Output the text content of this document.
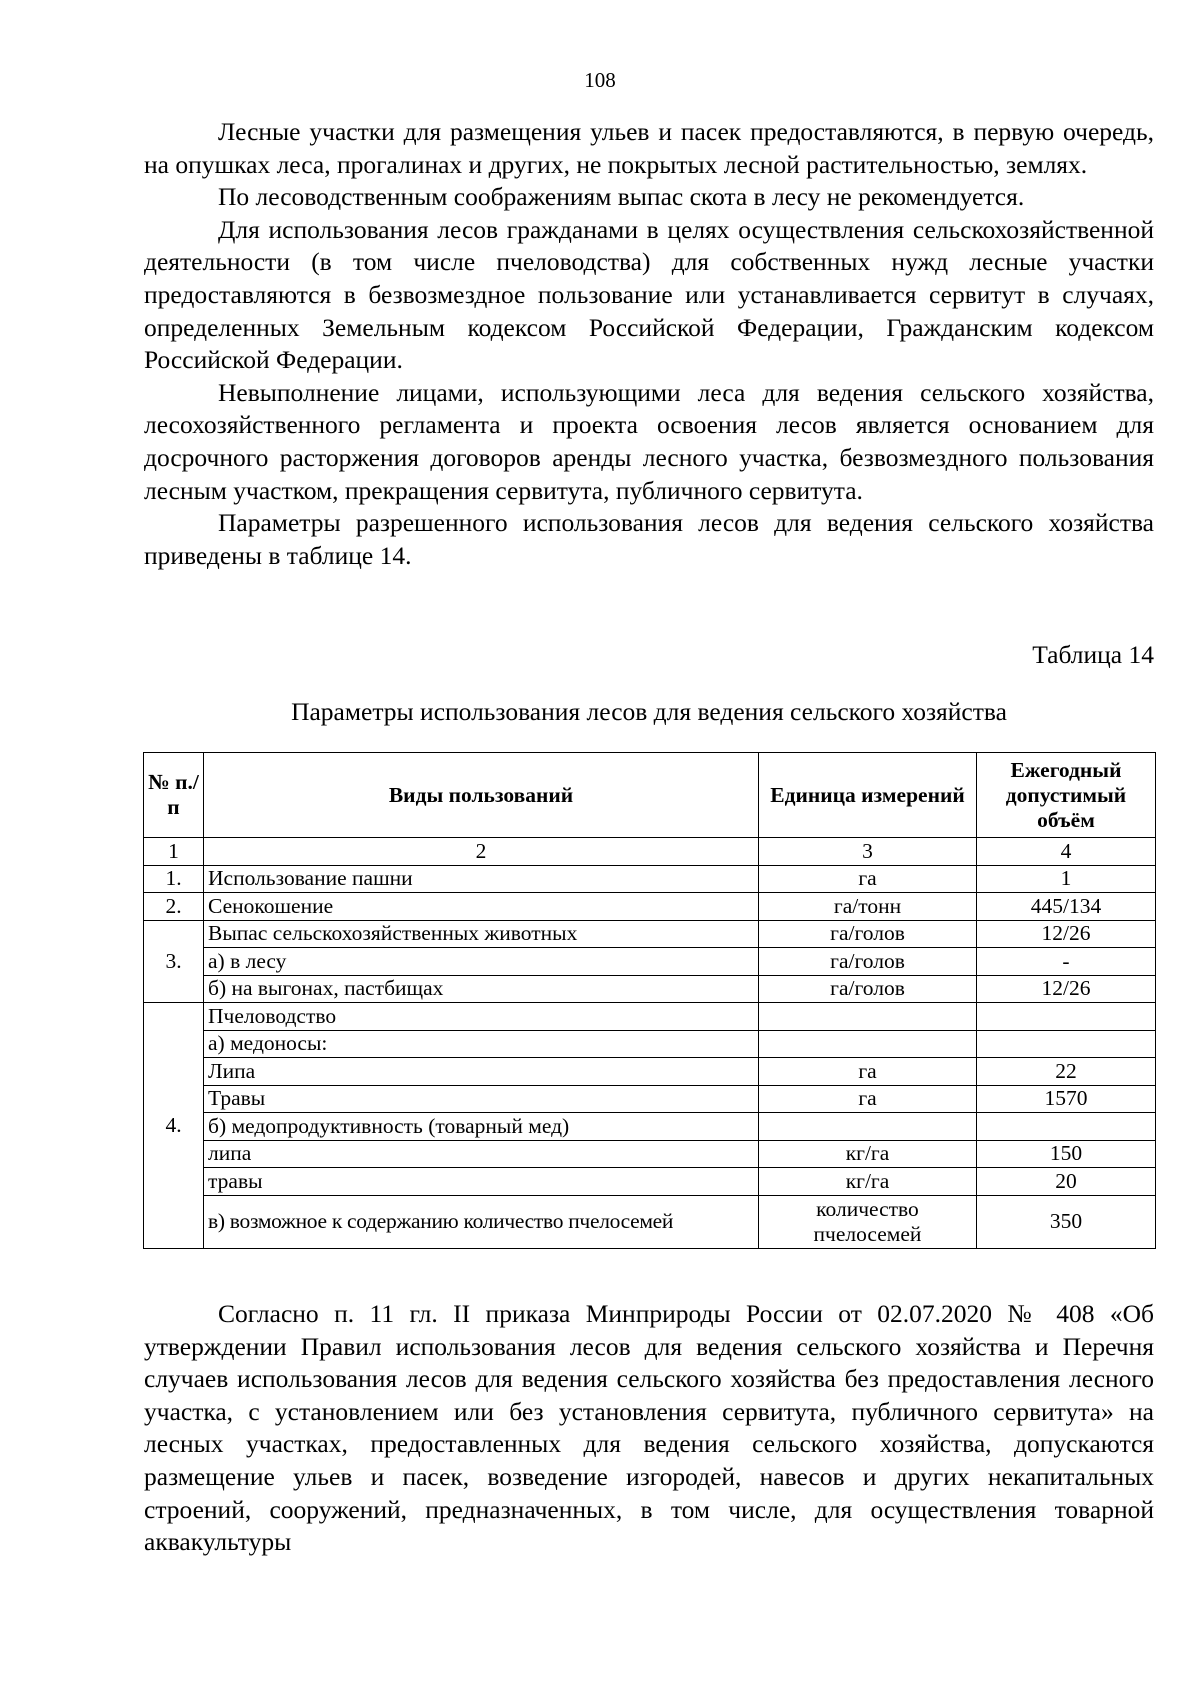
108

Лесные участки для размещения ульев и пасек предоставляются, в первую очередь, на опушках леса, прогалинах и других, не покрытых лесной растительностью, землях.

По лесоводственным соображениям выпас скота в лесу не рекомендуется.

Для использования лесов гражданами в целях осуществления сельскохозяйственной деятельности (в том числе пчеловодства) для собственных нужд лесные участки предоставляются в безвозмездное пользование или устанавливается сервитут в случаях, определенных Земельным кодексом Российской Федерации, Гражданским кодексом Российской Федерации.

Невыполнение лицами, использующими леса для ведения сельского хозяйства, лесохозяйственного регламента и проекта освоения лесов является основанием для досрочного расторжения договоров аренды лесного участка, безвозмездного пользования лесным участком, прекращения сервитута, публичного сервитута.

Параметры разрешенного использования лесов для ведения сельского хозяйства приведены в таблице 14.

Таблица 14
Параметры использования лесов для ведения сельского хозяйства
№ п./п	Виды пользований	Единица измерений	Ежегодный допустимый объём
1	2	3	4
1.	Использование пашни	га	1
2.	Сенокошение	га/тонн	445/134
3.	Выпас сельскохозяйственных животных	га/голов	12/26
	а) в лесу	га/голов	-
	б) на выгонах, пастбищах	га/голов	12/26
4.	Пчеловодство		
	а) медоносы:		
	Липа	га	22
	Травы	га	1570
	б) медопродуктивность (товарный мед)		
	липа	кг/га	150
	травы	кг/га	20
	в) возможное к содержанию количество пчелосемей	количество пчелосемей	350

Согласно п. 11 гл. II приказа Минприроды России от 02.07.2020 № 408 «Об утверждении Правил использования лесов для ведения сельского хозяйства и Перечня случаев использования лесов для ведения сельского хозяйства без предоставления лесного участка, с установлением или без установления сервитута, публичного сервитута» на лесных участках, предоставленных для ведения сельского хозяйства, допускаются размещение ульев и пасек, возведение изгородей, навесов и других некапитальных строений, сооружений, предназначенных, в том числе, для осуществления товарной аквакультуры
